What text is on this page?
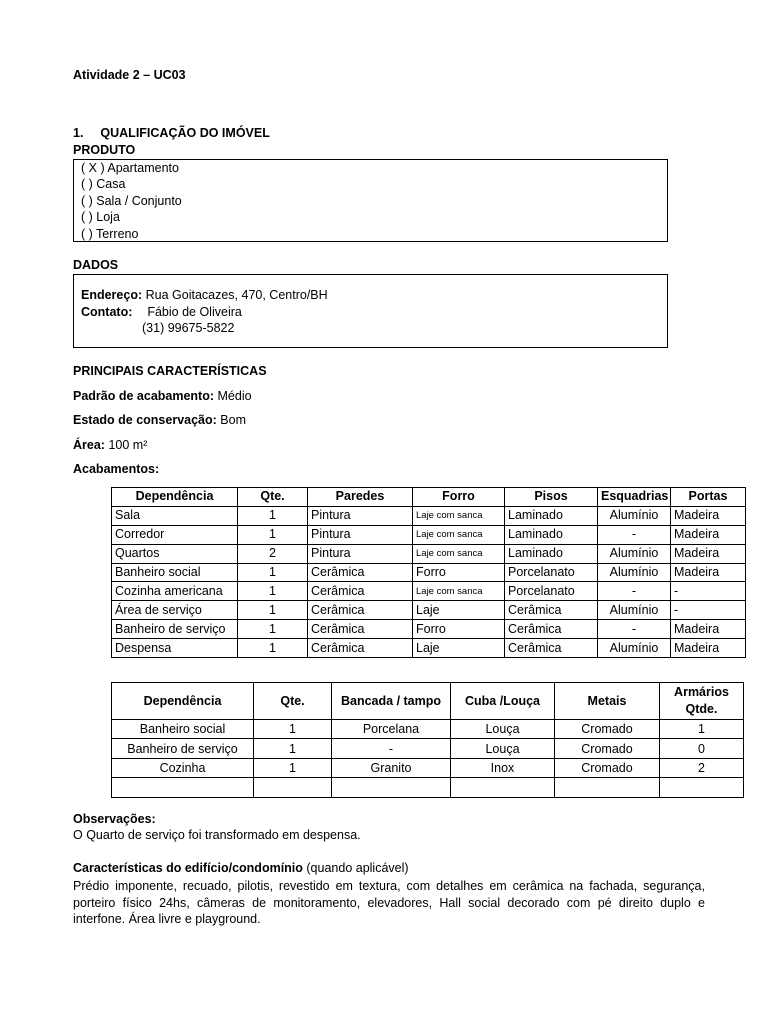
Atividade 2 – UC03
1. QUALIFICAÇÃO DO IMÓVEL
PRODUTO
( X ) Apartamento
( ) Casa
( ) Sala / Conjunto
( ) Loja
( ) Terreno
DADOS
Endereço: Rua Goitacazes, 470, Centro/BH
Contato: Fábio de Oliveira
(31) 99675-5822
PRINCIPAIS CARACTERÍSTICAS
Padrão de acabamento: Médio
Estado de conservação: Bom
Área: 100 m²
Acabamentos:
Dependência	Qte.	Paredes	Forro	Pisos	Esquadrias	Portas
Sala	1	Pintura	Laje com sanca	Laminado	Alumínio	Madeira
Corredor	1	Pintura	Laje com sanca	Laminado	-	Madeira
Quartos	2	Pintura	Laje com sanca	Laminado	Alumínio	Madeira
Banheiro social	1	Cerâmica	Forro	Porcelanato	Alumínio	Madeira
Cozinha americana	1	Cerâmica	Laje com sanca	Porcelanato	-	-
Área de serviço	1	Cerâmica	Laje	Cerâmica	Alumínio	-
Banheiro de serviço	1	Cerâmica	Forro	Cerâmica	-	Madeira
Despensa	1	Cerâmica	Laje	Cerâmica	Alumínio	Madeira
Dependência	Qte.	Bancada / tampo	Cuba /Louça	Metais	Armários
Qtde.

Banheiro social	1	Porcelana	Louça	Cromado	1
Banheiro de serviço	1	-	Louça	Cromado	0
Cozinha	1	Granito	Inox	Cromado	2

Observações:
O Quarto de serviço foi transformado em despensa.
Características do edifício/condomínio (quando aplicável)
Prédio imponente, recuado, pilotis, revestido em textura, com detalhes em cerâmica na fachada, segurança, porteiro físico 24hs, câmeras de monitoramento, elevadores, Hall social decorado com pé direito duplo e interfone. Área livre e playground.
